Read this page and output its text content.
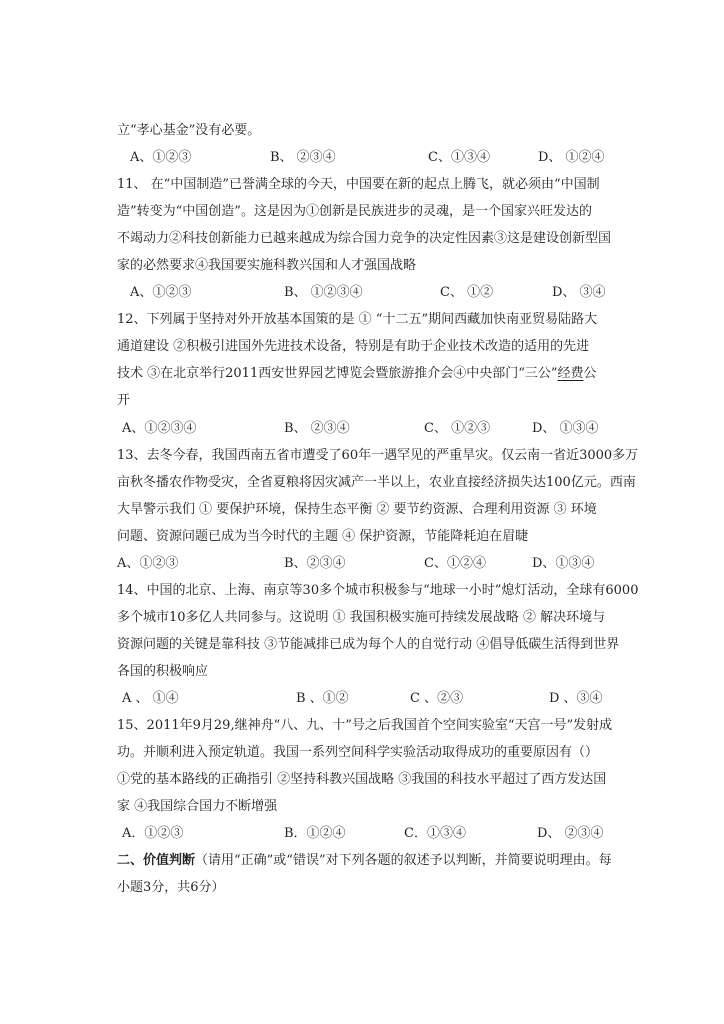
立“孝心基金”没有必要。
A、①②③	B、 ②③④	C、①③④	D、 ①②④
11、 在“中国制造”已誉满全球的今天，中国要在新的起点上腾飞，就必须由“中国制
造”转变为“中国创造”。这是因为①创新是民族进步的灵魂，是一个国家兴旺发达的
不竭动力②科技创新能力已越来越成为综合国力竞争的决定性因素③这是建设创新型国
家的必然要求④我国要实施科教兴国和人才强国战略
A、①②③	B、 ①②③④	C、 ①②	D、 ③④
12、下列属于坚持对外开放基本国策的是 ① “十二五”期间西藏加快南亚贸易陆路大
通道建设 ②积极引进国外先进技术设备，特别是有助于企业技术改造的适用的先进
技术 ③在北京举行2011西安世界园艺博览会暨旅游推介会④中央部门“三公”经费公
开
A、①②③④	B、 ②③④	C、 ①②③	D、 ①③④
13、去冬今春，我国西南五省市遭受了60年一遇罕见的严重旱灾。仅云南一省近3000多万
亩秋冬播农作物受灾，全省夏粮将因灾减产一半以上，农业直接经济损失达100亿元。西南
大旱警示我们 ① 要保护环境，保持生态平衡 ② 要节约资源、合理利用资源 ③ 环境
问题、资源问题已成为当今时代的主题 ④ 保护资源，节能降耗迫在眉睫
A、①②③	B、②③④	C、①②④	D、①③④
14、中国的北京、上海、南京等30多个城市积极参与“地球一小时”熄灯活动，全球有6000
多个城市10多亿人共同参与。这说明 ① 我国积极实施可持续发展战略 ② 解决环境与
资源问题的关键是靠科技 ③节能减排已成为每个人的自觉行动 ④倡导低碳生活得到世界
各国的积极响应
A 、 ①④	B 、①②	C 、②③	D 、③④
15、2011年9月29,继神舟“八、九、十”号之后我国首个空间实验室“天宫一号”发射成
功。并顺利进入预定轨道。我国一系列空间科学实验活动取得成功的重要原因有（）
①党的基本路线的正确指引 ②坚持科教兴国战略 ③我国的科技水平超过了西方发达国
家 ④我国综合国力不断增强
A．①②③	B．①②④	C．①③④	D、 ②③④
二、价值判断（请用“正确”或“错误”对下列各题的叙述予以判断，并简要说明理由。每
小题3分，共6分）
